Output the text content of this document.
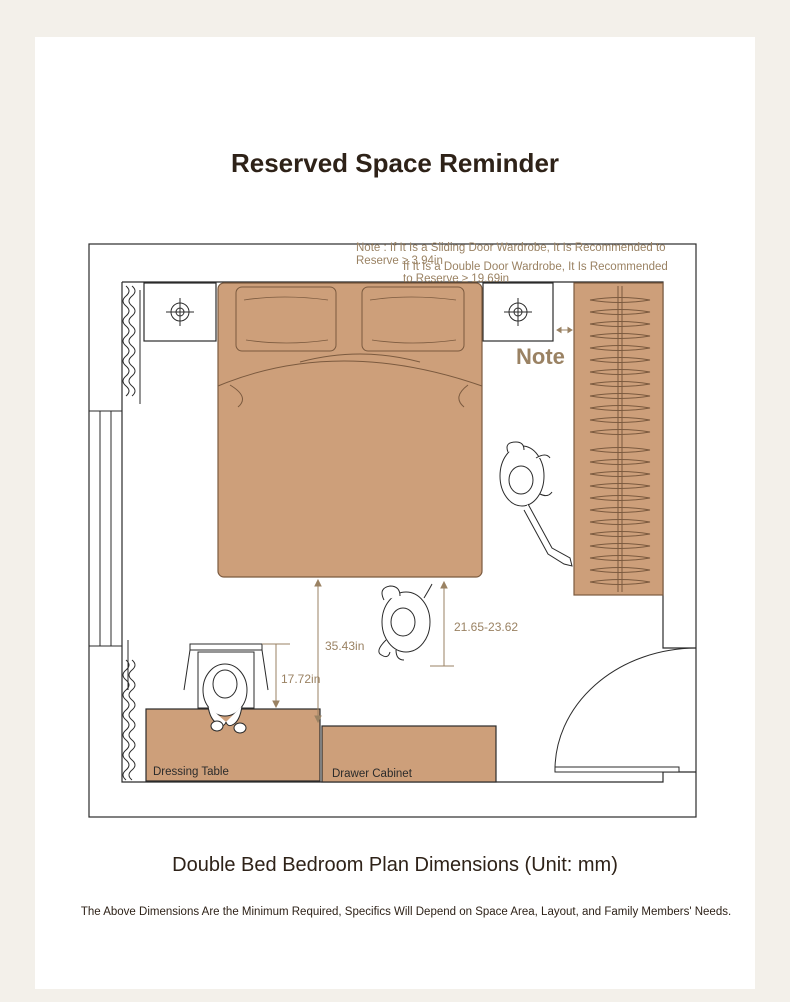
Reserved Space Reminder
35.43in
21.65-23.62
17.72in
Dressing Table	Drawer Cabinet
Note : If It Is a Sliding Door Wardrobe, It Is Recommended to
Reserve ≥ 3.94in
If It Is a Double Door Wardrobe, It Is Recommended
to Reserve ≥ 19.69in
Note
Double Bed Bedroom Plan Dimensions (Unit: mm)
The Above Dimensions Are the Minimum Required, Specifics Will Depend on Space Area, Layout, and Family Members' Needs.
